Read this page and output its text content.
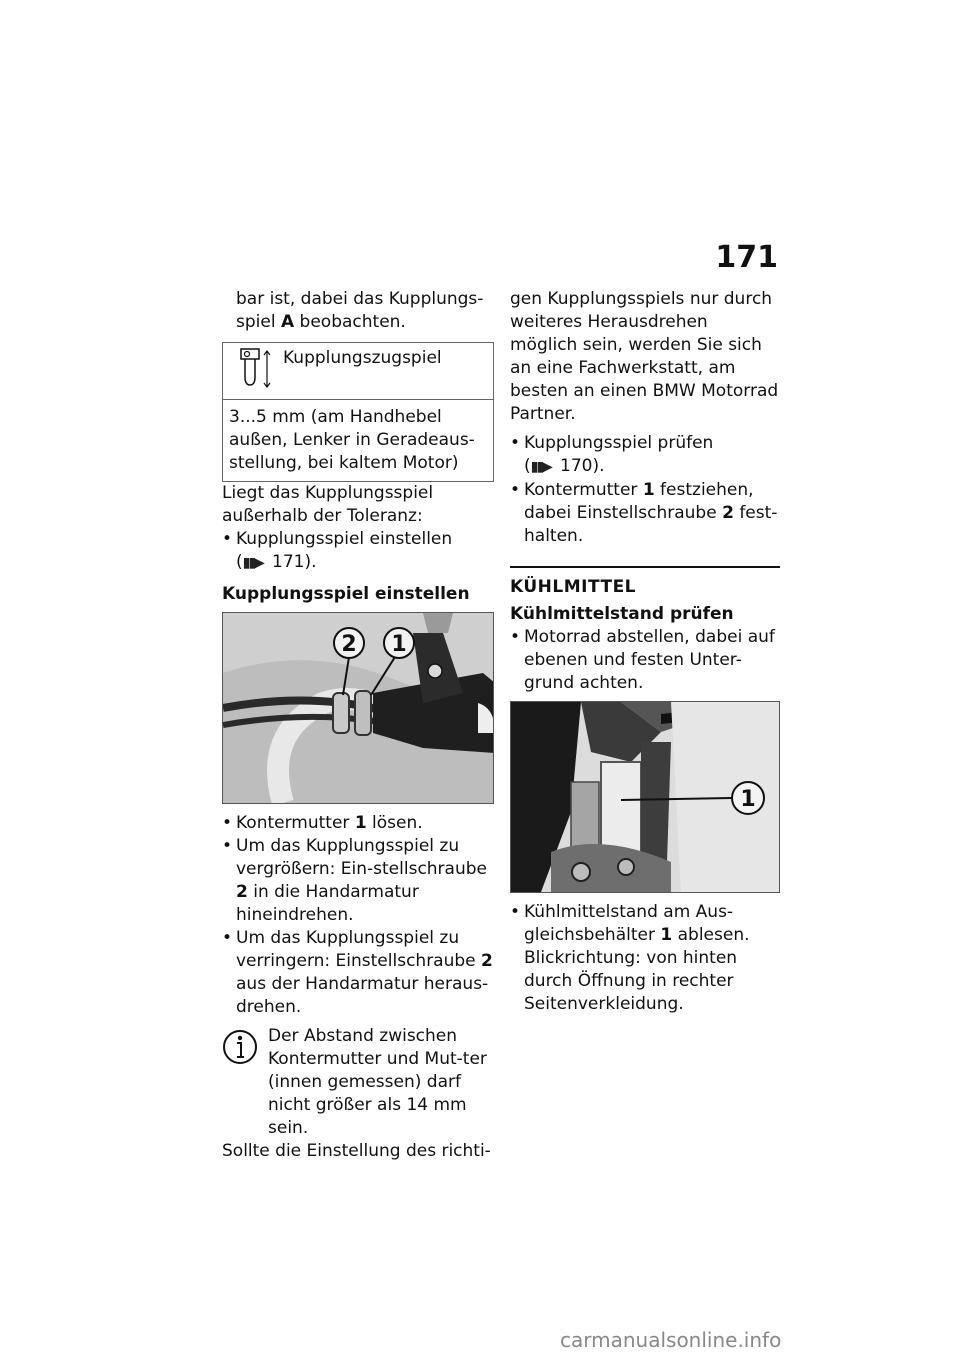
171

bar ist, dabei das Kupplungs-

spiel A beobachten.

Kupplungszugspiel
3...5 mm (am Handhebel außen, Lenker in Geradeaus-stellung, bei kaltem Motor)

Liegt das Kupplungsspiel außerhalb der Toleranz:

• Kupplungsspiel einstellen
(▮▮▶ 171).

Kupplungsspiel einstellen

2 1
• Kontermutter 1 lösen.
• Um das Kupplungsspiel zu vergrößern: Ein-stellschraube 2 in die Handarmatur hineindrehen.
• Um das Kupplungsspiel zu verringern: Einstellschraube 2 aus der Handarmatur heraus-drehen.

Der Abstand zwischen Kontermutter und Mut-ter (innen gemessen) darf nicht größer als 14 mm sein.

Sollte die Einstellung des richti-

gen Kupplungsspiels nur durch weiteres Herausdrehen möglich sein, werden Sie sich an eine Fachwerkstatt, am besten an einen BMW Motorrad Partner.

• Kupplungsspiel prüfen
(▮▮▶ 170).
• Kontermutter 1 festziehen, dabei Einstellschraube 2 fest-halten.

KÜHLMITTEL

Kühlmittelstand prüfen

• Motorrad abstellen, dabei auf ebenen und festen Unter-grund achten.
1
• Kühlmittelstand am Aus-gleichsbehälter 1 ablesen.

Blickrichtung: von hinten durch Öffnung in rechter Seitenverkleidung.

carmanualsonline.info
